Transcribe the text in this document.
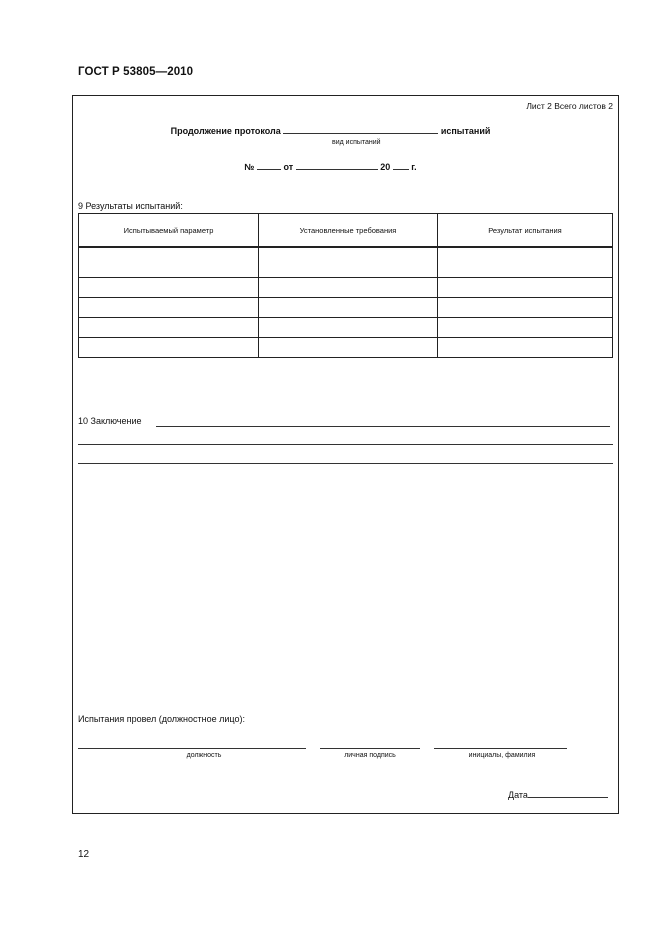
ГОСТ Р 53805—2010
Лист 2 Всего листов 2
Продолжение протокола	испытаний
вид испытаний
№	от	20 г.
9 Результаты испытаний:
Испытываемый параметр	Установленные требования	Результат испытания

10 Заключение
Испытания провел (должностное лицо):
должность	личная подпись	инициалы, фамилия
Дата
12
